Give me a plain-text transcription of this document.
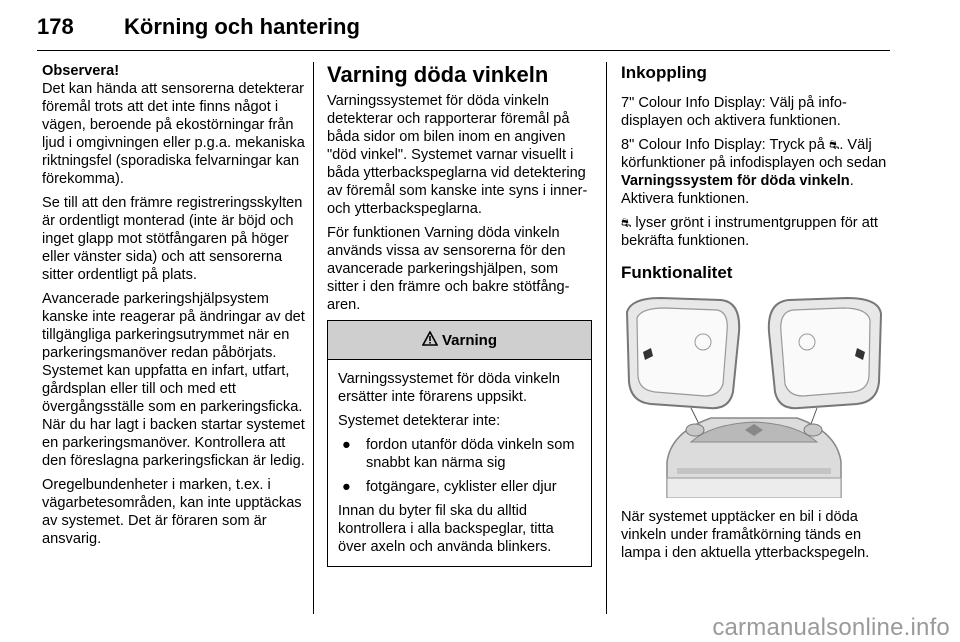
178 Körning och hantering
Observera!
Det kan hända att sensorerna detekterar föremål trots att det inte finns något i vägen, beroende på ekostörningar från ljud i omgivningen eller p.g.a. mekaniska riktningsfel (sporadiska felvarningar kan förekomma).
Se till att den främre registreringsskylten är ordentligt monterad (inte är böjd och inget glapp mot stötfångaren på höger eller vänster sida) och att sensorerna sitter ordentligt på plats.
Avancerade parkeringshjälpsystem kanske inte reagerar på ändringar av det tillgängliga parkeringsutrymmet när en parkeringsmanöver redan påbörjats. Systemet kan uppfatta en infart, utfart, gårdsplan eller till och med ett övergångsställe som en parkeringsficka. När du har lagt i backen startar systemet en parkeringsmanöver. Kontrollera att den föreslagna parkeringsfickan är ledig.
Oregelbundenheter i marken, t.ex. i vägarbetesområden, kan inte upptäckas av systemet. Det är föraren som är ansvarig.
Varning döda vinkeln
Varningssystemet för döda vinkeln detekterar och rapporterar föremål på båda sidor om bilen inom en angiven "död vinkel". Systemet varnar visuellt i båda ytterbackspeglarna vid detektering av föremål som kanske inte syns i inner- och ytterbackspeglarna.
För funktionen Varning döda vinkeln används vissa av sensorerna för den avancerade parkeringshjälpen, som sitter i den främre och bakre stötfångaren.
Varning
Varningssystemet för döda vinkeln ersätter inte förarens uppsikt.
Systemet detekterar inte:
●	fordon utanför döda vinkeln som snabbt kan närma sig
●	fotgängare, cyklister eller djur
Innan du byter fil ska du alltid kontrollera i alla backspeglar, titta över axeln och använda blinkers.
Inkoppling
7" Colour Info Display: Välj på infodisplayen och aktivera funktionen.
8" Colour Info Display: Tryck på ⛐. Välj körfunktioner på infodisplayen och sedan Varningssystem för döda vinkeln. Aktivera funktionen.
⛐ lyser grönt i instrumentgruppen för att bekräfta funktionen.
Funktionalitet
När systemet upptäcker en bil i döda vinkeln under framåtkörning tänds en lampa i den aktuella ytterbackspegeln.
carmanualsonline.info
